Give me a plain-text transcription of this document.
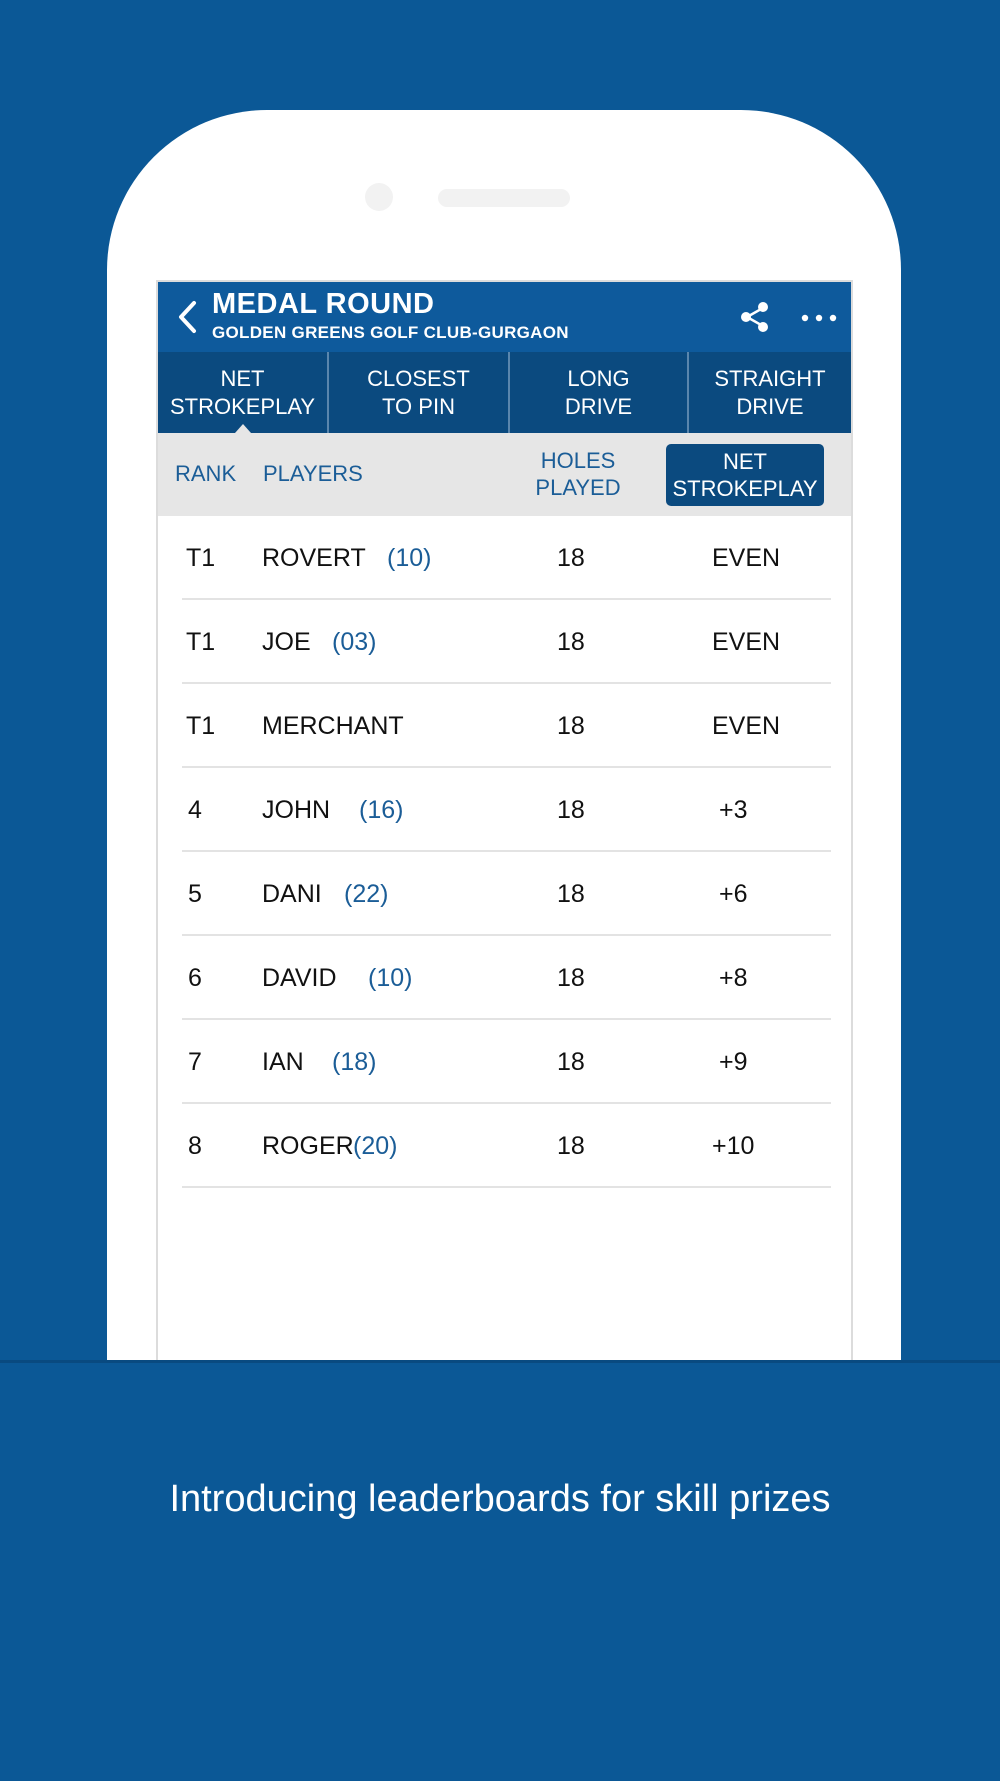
MEDAL ROUND
GOLDEN GREENS GOLF CLUB-GURGAON
NET
STROKEPLAY
CLOSEST
TO PIN
LONG
DRIVE
STRAIGHT
DRIVE
RANK PLAYERS
HOLES
PLAYED
NET
STROKEPLAY
T1 ROVERT (10)	18	EVEN
T1 JOE (03)	18	EVEN
T1 MERCHANT	18	EVEN
4 JOHN (16)	18	+3
5 DANI (22)	18	+6
6 DAVID (10)	18	+8
7 IAN (18)	18	+9
8 ROGER (20)	18	+10
Introducing leaderboards for skill prizes
